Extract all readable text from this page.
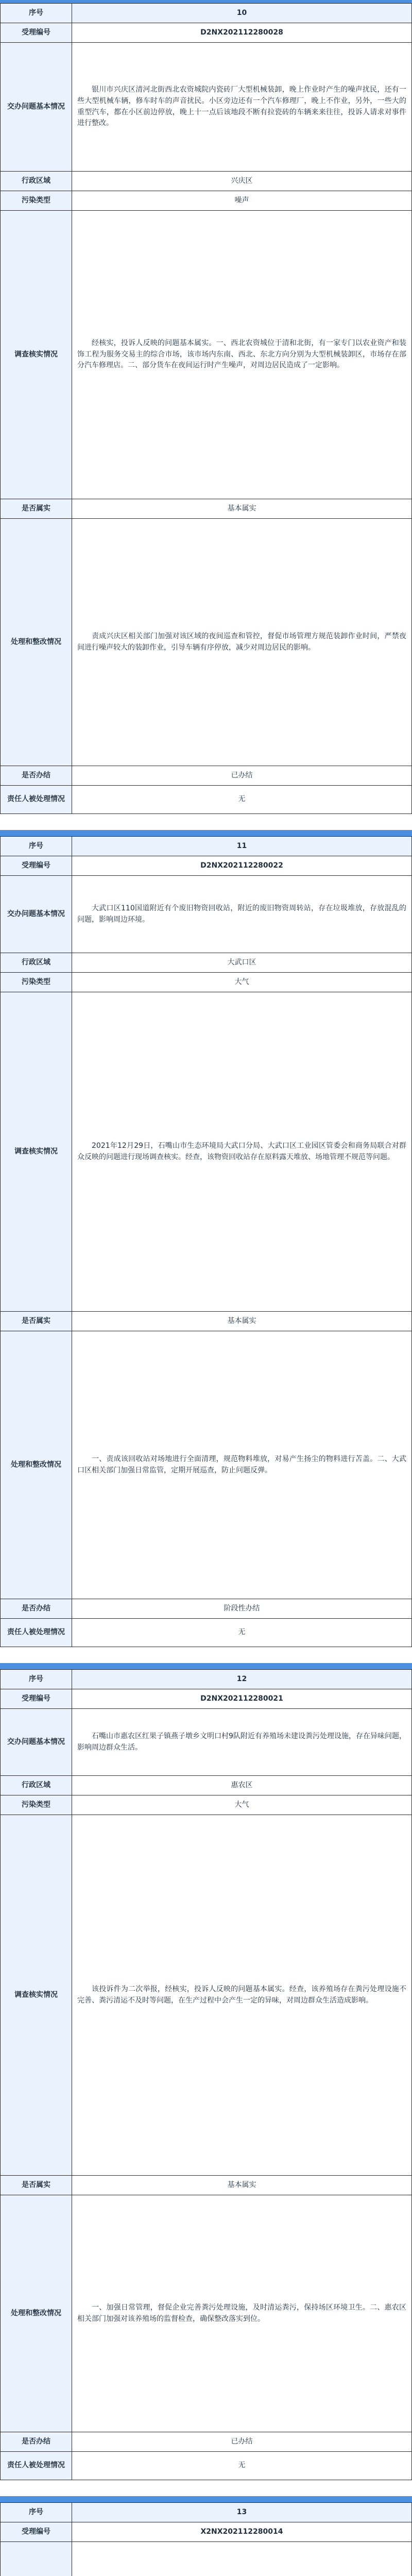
序号	10
受理编号	D2NX202112280028
交办问题基本情况	银川市兴庆区清河北街西北农资城院内瓷砖厂大型机械装卸，晚上作业时产生的噪声扰民，还有一些大型机械车辆，修车时车的声音扰民。小区旁边还有一个汽车修理厂，晚上不作业，另外，一些大的重型汽车，都在小区前边停放，晚上十一点后该地段不断有拉瓷砖的车辆来来往往，投诉人请求对事件进行整改。

行政区域	兴庆区
污染类型	噪声
调查核实情况	经核实，投诉人反映的问题基本属实。一、西北农资城位于清和北街，有一家专门以农业资产和装饰工程为服务交易主的综合市场，该市场内东南、西北、东北方向分别为大型机械装卸区，市场存在部分汽车修理店。二、部分货车在夜间运行时产生噪声，对周边居民造成了一定影响。

是否属实	基本属实
处理和整改情况	责成兴庆区相关部门加强对该区域的夜间巡查和管控，督促市场管理方规范装卸作业时间，严禁夜间进行噪声较大的装卸作业，引导车辆有序停放，减少对周边居民的影响。

是否办结	已办结
责任人被处理情况	无
序号	11
受理编号	D2NX202112280022
交办问题基本情况	大武口区110国道附近有个废旧物资回收站，附近的废旧物资周转站，存在垃圾堆放，存放混乱的问题，影响周边环境。

行政区域	大武口区
污染类型	大气
调查核实情况	2021年12月29日，石嘴山市生态环境局大武口分局、大武口区工业园区管委会和商务局联合对群众反映的问题进行现场调查核实。经查，该物资回收站存在原料露天堆放、场地管理不规范等问题。

是否属实	基本属实
处理和整改情况	一、责成该回收站对场地进行全面清理，规范物料堆放，对易产生扬尘的物料进行苫盖。二、大武口区相关部门加强日常监管，定期开展巡查，防止问题反弹。

是否办结	阶段性办结
责任人被处理情况	无
序号	12
受理编号	D2NX202112280021
交办问题基本情况	石嘴山市惠农区红果子镇燕子墩乡文明口村9队附近有养殖场未建设粪污处理设施，存在异味问题，影响周边群众生活。

行政区域	惠农区
污染类型	大气
调查核实情况	该投诉件为二次举报，经核实，投诉人反映的问题基本属实。经查，该养殖场存在粪污处理设施不完善、粪污清运不及时等问题，在生产过程中会产生一定的异味，对周边群众生活造成影响。

是否属实	基本属实
处理和整改情况	一、加强日常管理，督促企业完善粪污处理设施，及时清运粪污，保持场区环境卫生。二、惠农区相关部门加强对该养殖场的监督检查，确保整改落实到位。

是否办结	已办结
责任人被处理情况	无
序号	13
受理编号	X2NX202112280014
